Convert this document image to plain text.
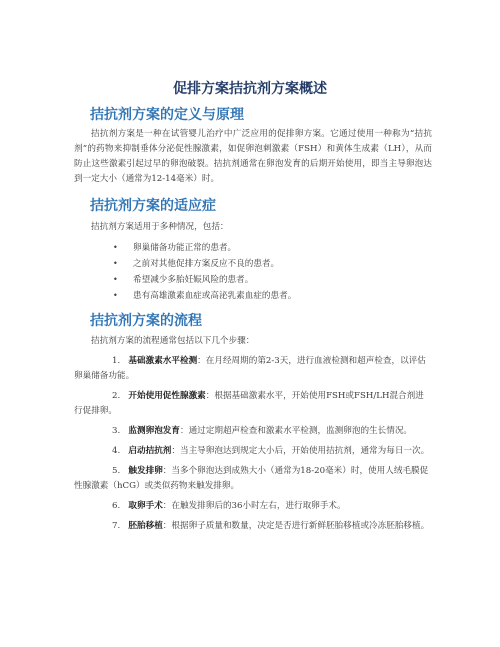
促排方案拮抗剂方案概述
拮抗剂方案的定义与原理
拮抗剂方案是一种在试管婴儿治疗中广泛应用的促排卵方案。它通过使用一种称为“拮抗剂”的药物来抑制垂体分泌促性腺激素，如促卵泡刺激素（FSH）和黄体生成素（LH），从而防止这些激素引起过早的卵泡破裂。拮抗剂通常在卵泡发育的后期开始使用，即当主导卵泡达到一定大小（通常为12-14毫米）时。
拮抗剂方案的适应症
拮抗剂方案适用于多种情况，包括：
• 卵巢储备功能正常的患者。
• 之前对其他促排方案反应不良的患者。
• 希望减少多胎妊娠风险的患者。
• 患有高雄激素血症或高泌乳素血症的患者。
拮抗剂方案的流程
拮抗剂方案的流程通常包括以下几个步骤：
1. 基础激素水平检测：在月经周期的第2-3天，进行血液检测和超声检查，以评估卵巢储备功能。
2. 开始使用促性腺激素：根据基础激素水平，开始使用FSH或FSH/LH混合剂进行促排卵。
3. 监测卵泡发育：通过定期超声检查和激素水平检测，监测卵泡的生长情况。
4. 启动拮抗剂：当主导卵泡达到规定大小后，开始使用拮抗剂，通常为每日一次。
5. 触发排卵：当多个卵泡达到成熟大小（通常为18-20毫米）时，使用人绒毛膜促性腺激素（hCG）或类似药物来触发排卵。
6. 取卵手术：在触发排卵后的36小时左右，进行取卵手术。
7. 胚胎移植：根据卵子质量和数量，决定是否进行新鲜胚胎移植或冷冻胚胎移植。
